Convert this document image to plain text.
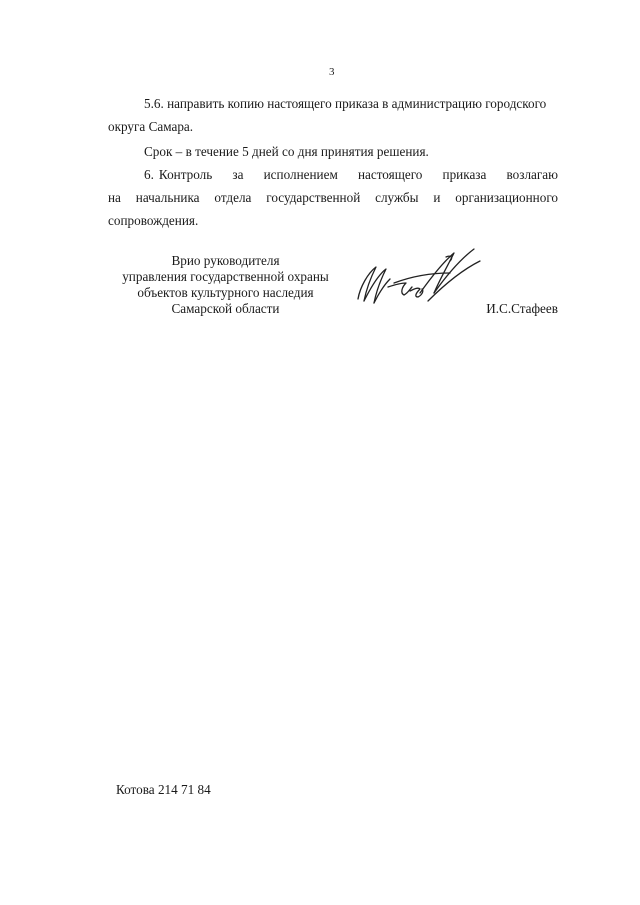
3
5.6. направить копию настоящего приказа в администрацию городского
округа Самара.
Срок – в течение 5 дней со дня принятия решения.
6. Контроль    за    исполнением    настоящего    приказа    возлагаю
на начальника отдела государственной службы и организационного
сопровождения.
Врио руководителя
управления государственной охраны
объектов культурного наследия
Самарской области	И.С.Стафеев
Котова 214 71 84
